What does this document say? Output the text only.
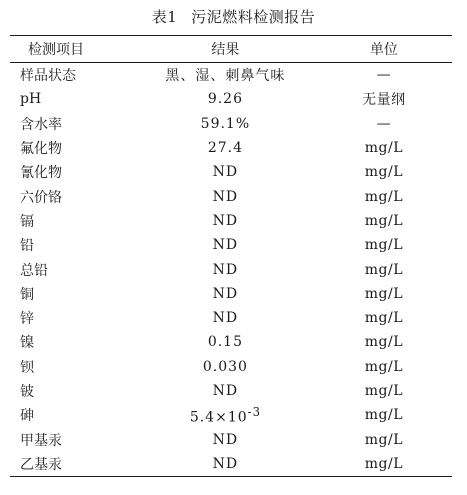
表1 污泥燃料检测报告
检测项目	结果	单位
样品状态	黑、湿、刺鼻气味	—
pH	9.26	无量纲
含水率	59.1%	—
氟化物	27.4	mg/L
氰化物	ND	mg/L
六价铬	ND	mg/L
镉	ND	mg/L
铅	ND	mg/L
总铅	ND	mg/L
铜	ND	mg/L
锌	ND	mg/L
镍	0.15	mg/L
钡	0.030	mg/L
铍	ND	mg/L
砷	$5.4\times 10^{-3}$	mg/L
甲基汞	ND	mg/L
乙基汞	ND	mg/L
